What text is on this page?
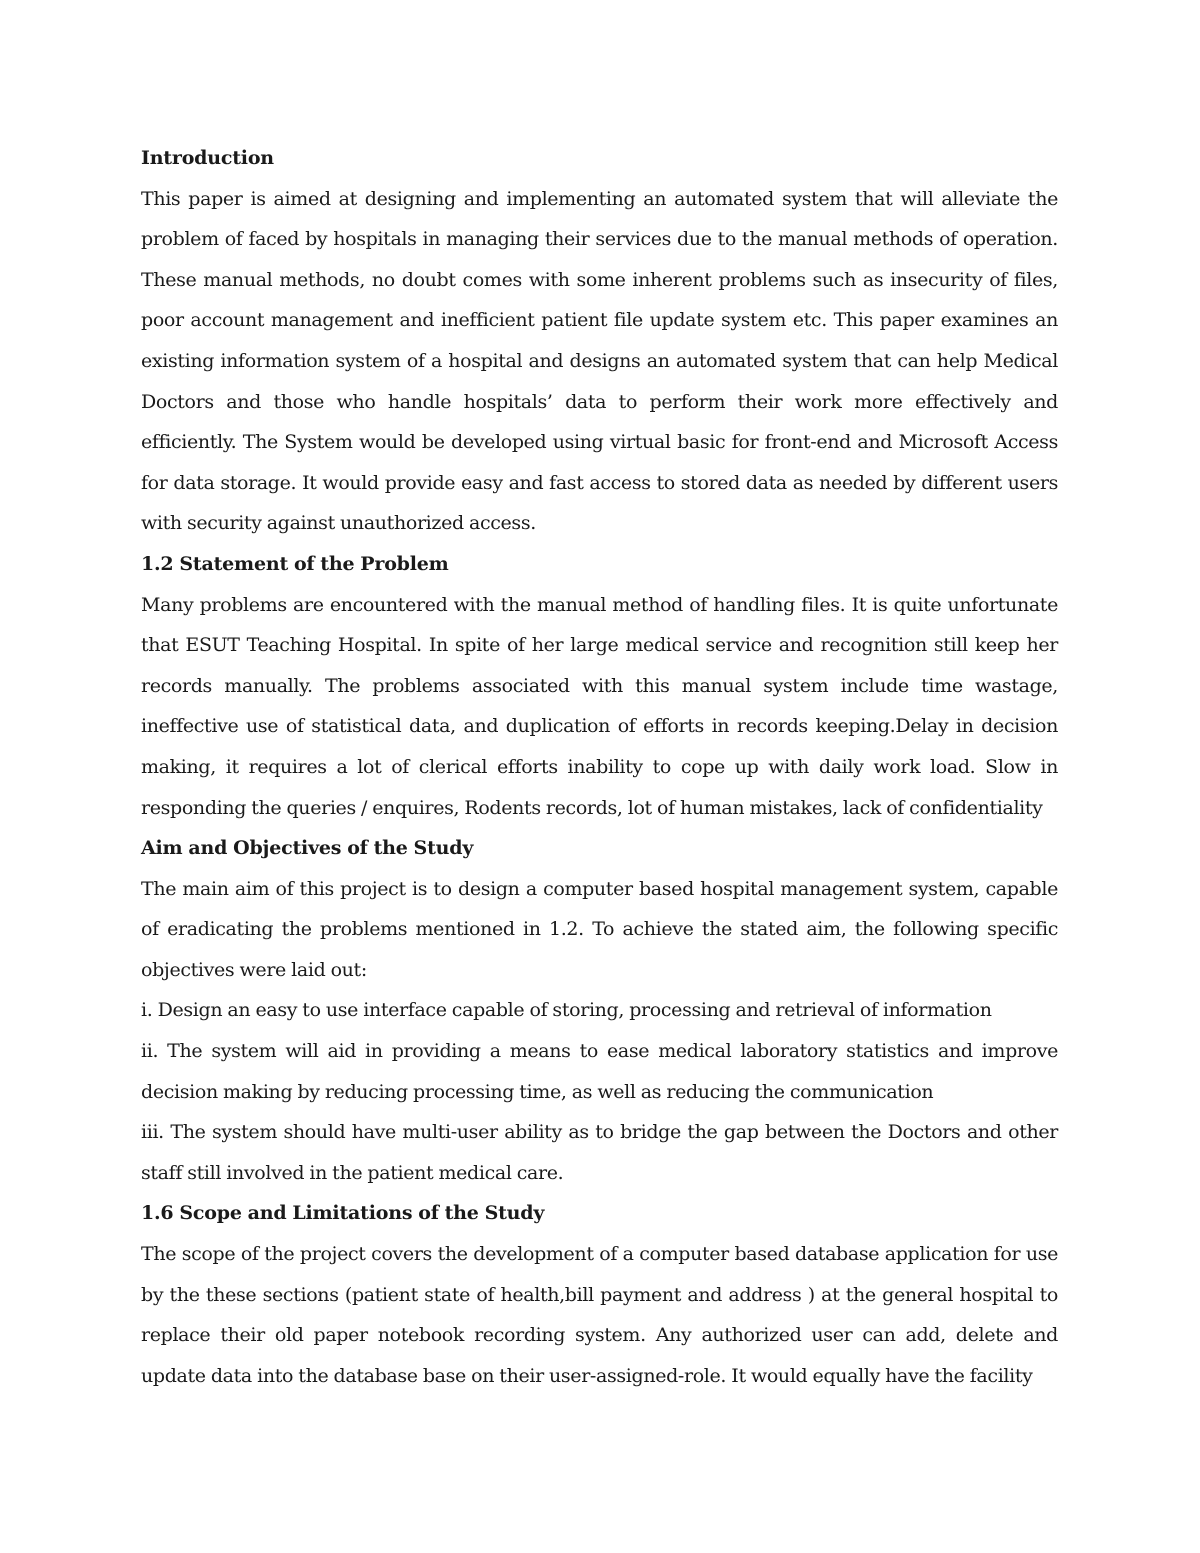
Introduction

This paper is aimed at designing and implementing an automated system that will alleviate the problem of faced by hospitals in managing their services due to the manual methods of operation. These manual methods, no doubt comes with some inherent problems such as insecurity of files, poor account management and inefficient patient file update system etc. This paper examines an existing information system of a hospital and designs an automated system that can help Medical Doctors and those who handle hospitals’ data to perform their work more effectively and efficiently. The System would be developed using virtual basic for front-end and Microsoft Access for data storage. It would provide easy and fast access to stored data as needed by different users with security against unauthorized access.

1.2 Statement of the Problem

Many problems are encountered with the manual method of handling files. It is quite unfortunate that ESUT Teaching Hospital. In spite of her large medical service and recognition still keep her records manually. The problems associated with this manual system include time wastage, ineffective use of statistical data, and duplication of efforts in records keeping.Delay in decision making, it requires a lot of clerical efforts inability to cope up with daily work load. Slow in responding the queries / enquires, Rodents records, lot of human mistakes, lack of confidentiality

Aim and Objectives of the Study

The main aim of this project is to design a computer based hospital management system, capable of eradicating the problems mentioned in 1.2. To achieve the stated aim, the following specific objectives were laid out:

i. Design an easy to use interface capable of storing, processing and retrieval of information

ii. The system will aid in providing a means to ease medical laboratory statistics and improve decision making by reducing processing time, as well as reducing the communication

iii. The system should have multi-user ability as to bridge the gap between the Doctors and other staff still involved in the patient medical care.

1.6 Scope and Limitations of the Study

The scope of the project covers the development of a computer based database application for use by the these sections (patient state of health,bill payment and address ) at the general hospital to replace their old paper notebook recording system. Any authorized user can add, delete and update data into the database base on their user-assigned-role. It would equally have the facility
